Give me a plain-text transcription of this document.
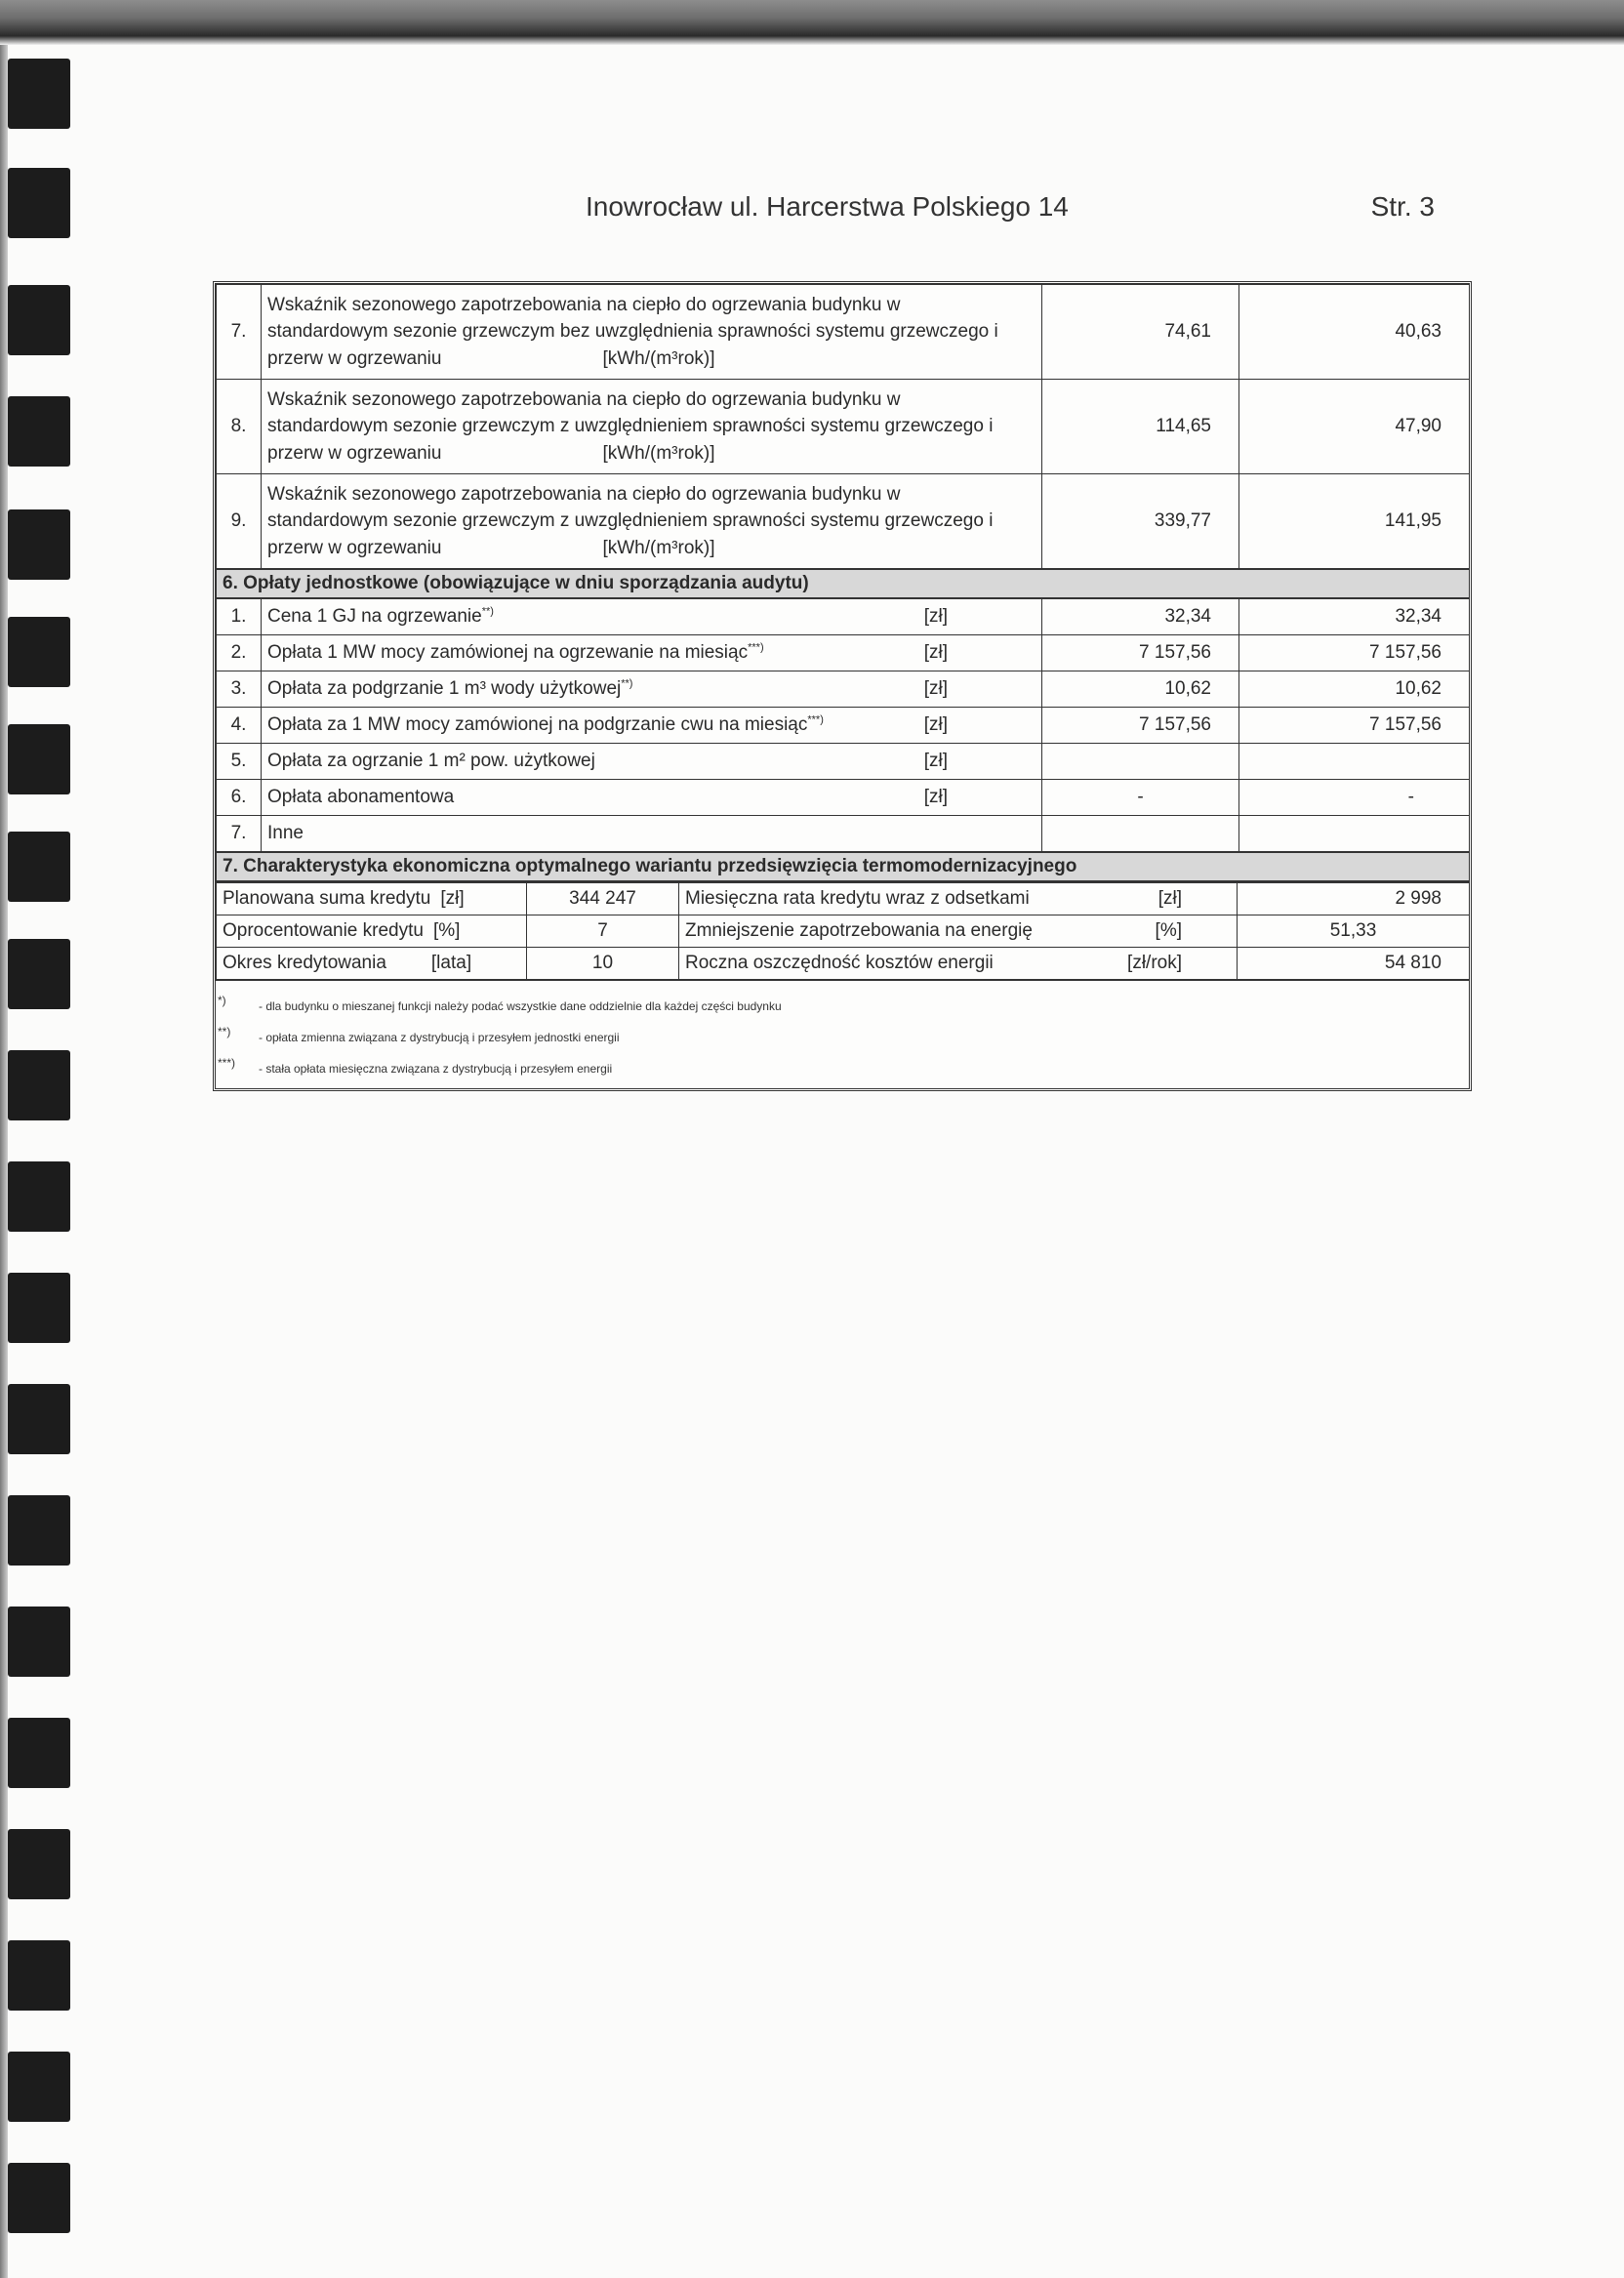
Inowrocław ul. Harcerstwa Polskiego 14	Str. 3
7.	Wskaźnik sezonowego zapotrzebowania na ciepło do ogrzewania budynku w
standardowym sezonie grzewczym bez uwzględnienia sprawności systemu grzewczego i
przerw w ogrzewaniu [kWh/(m³rok)]	74,61	40,63
8.	Wskaźnik sezonowego zapotrzebowania na ciepło do ogrzewania budynku w
standardowym sezonie grzewczym z uwzględnieniem sprawności systemu grzewczego i
przerw w ogrzewaniu [kWh/(m³rok)]	114,65	47,90
9.	Wskaźnik sezonowego zapotrzebowania na ciepło do ogrzewania budynku w
standardowym sezonie grzewczym z uwzględnieniem sprawności systemu grzewczego i
przerw w ogrzewaniu [kWh/(m³rok)]	339,77	141,95
6. Opłaty jednostkowe (obowiązujące w dniu sporządzania audytu)			
1.	Cena 1 GJ na ogrzewanie**) [zł]	32,34	32,34
2.	Opłata 1 MW mocy zamówionej na ogrzewanie na miesiąc***) [zł]	7 157,56	7 157,56
3.	Opłata za podgrzanie 1 m³ wody użytkowej**) [zł]	10,62	10,62
4.	Opłata za 1 MW mocy zamówionej na podgrzanie cwu na miesiąc***) [zł]	7 157,56	7 157,56
5.	Opłata za ogrzanie 1 m² pow. użytkowej [zł]		

6.	Opłata abonamentowa [zł]	-	-
7.	Inne		
7. Charakterystyka ekonomiczna optymalnego wariantu przedsięwzięcia termomodernizacyjnego			
Planowana suma kredytu [zł]	344 247	Miesięczna rata kredytu wraz z odsetkami [zł]	2 998
Oprocentowanie kredytu [%]	7	Zmniejszenie zapotrzebowania na energię [%]	51,33
Okres kredytowania [lata]	10	Roczna oszczędność kosztów energii [zł/rok]	54 810
*)	- dla budynku o mieszanej funkcji należy podać wszystkie dane oddzielnie dla każdej części budynku
**) - opłata zmienna związana z dystrybucją i przesyłem jednostki energii
***) - stała opłata miesięczna związana z dystrybucją i przesyłem energii
